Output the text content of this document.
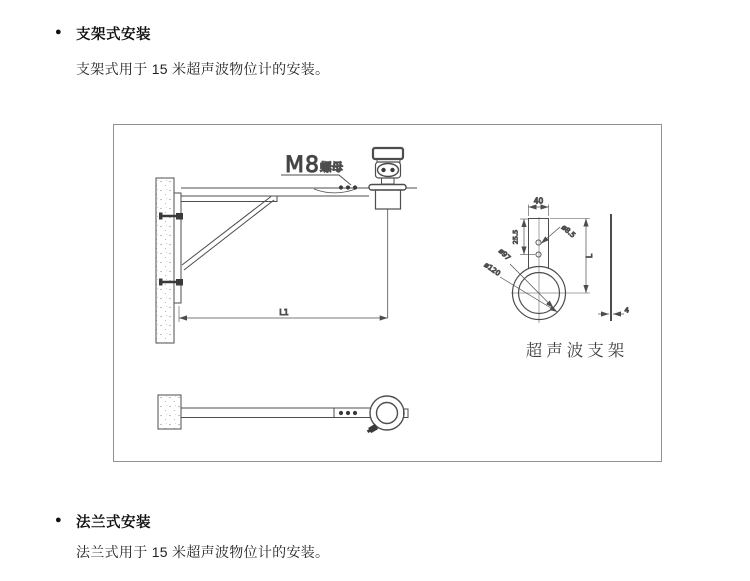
● 支架式安装

支架式用于 15 米超声波物位计的安装。

M8 螺母
L1
40
25.5	ø8.5
ø97
ø120
L
4
超声波支架
● 法兰式安装

法兰式用于 15 米超声波物位计的安装。
